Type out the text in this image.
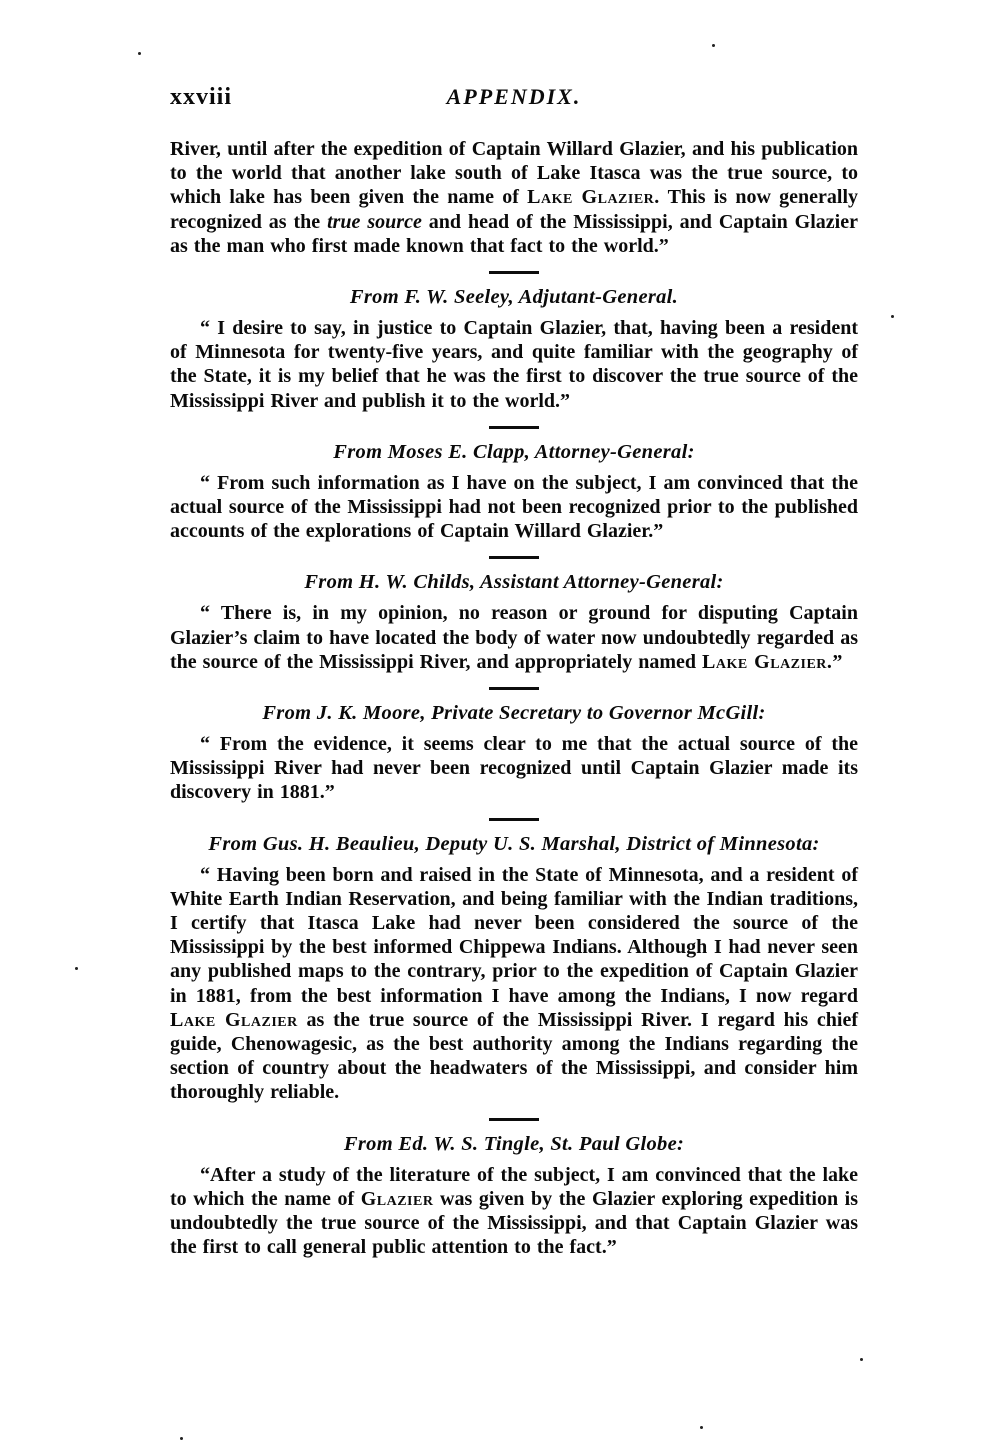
xxviii	APPENDIX.

River, until after the expedition of Captain Willard Glazier, and his publication to the world that another lake south of Lake Itasca was the true source, to which lake has been given the name of Lake Glazier. This is now generally recognized as the true source and head of the Mississippi, and Captain Glazier as the man who first made known that fact to the world.”

From F. W. Seeley, Adjutant-General.

“ I desire to say, in justice to Captain Glazier, that, having been a resident of Minnesota for twenty-five years, and quite familiar with the geography of the State, it is my belief that he was the first to discover the true source of the Mississippi River and publish it to the world.”

From Moses E. Clapp, Attorney-General:

“ From such information as I have on the subject, I am convinced that the actual source of the Mississippi had not been recognized prior to the published accounts of the explorations of Captain Willard Glazier.”

From H. W. Childs, Assistant Attorney-General:

“ There is, in my opinion, no reason or ground for disputing Captain Glazier’s claim to have located the body of water now undoubtedly regarded as the source of the Mississippi River, and appropriately named Lake Glazier.”

From J. K. Moore, Private Secretary to Governor McGill:

“ From the evidence, it seems clear to me that the actual source of the Mississippi River had never been recognized until Captain Glazier made its discovery in 1881.”

From Gus. H. Beaulieu, Deputy U. S. Marshal, District of Minnesota:

“ Having been born and raised in the State of Minnesota, and a resident of White Earth Indian Reservation, and being familiar with the Indian traditions, I certify that Itasca Lake had never been considered the source of the Mississippi by the best informed Chippewa Indians. Although I had never seen any published maps to the contrary, prior to the expedition of Captain Glazier in 1881, from the best information I have among the Indians, I now regard Lake Glazier as the true source of the Mississippi River. I regard his chief guide, Chenowagesic, as the best authority among the Indians regarding the section of country about the headwaters of the Mississippi, and consider him thoroughly reliable.

From Ed. W. S. Tingle, St. Paul Globe:

“After a study of the literature of the subject, I am convinced that the lake to which the name of Glazier was given by the Glazier exploring expedition is undoubtedly the true source of the Mississippi, and that Captain Glazier was the first to call general public attention to the fact.”
